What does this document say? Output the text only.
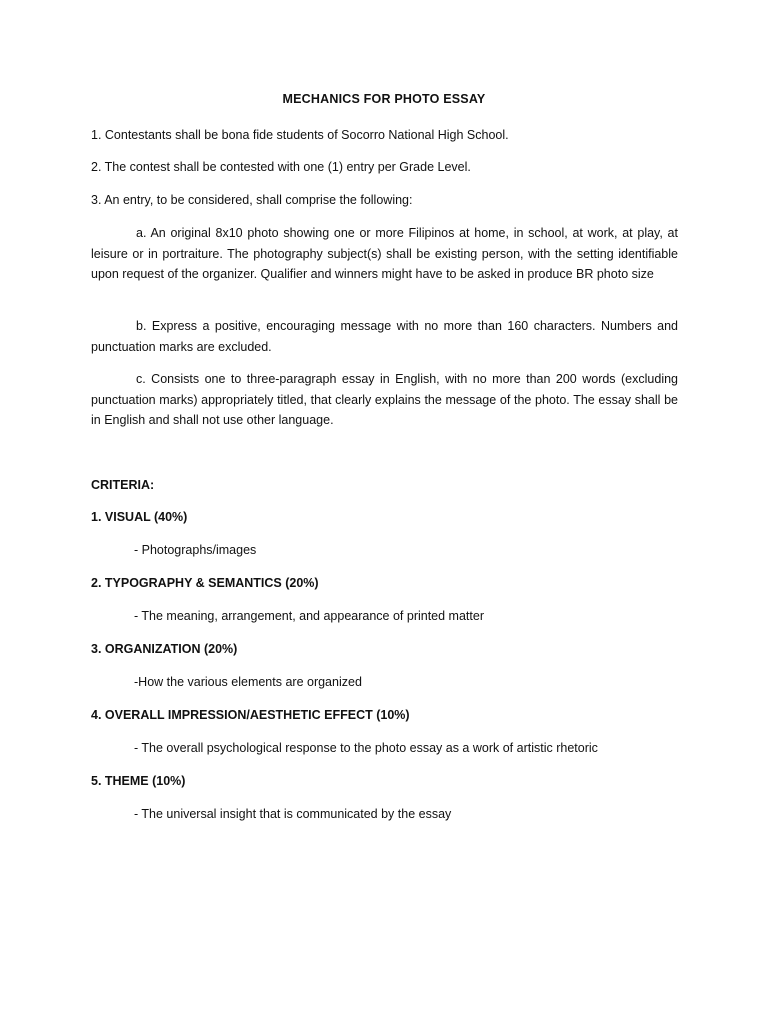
MECHANICS FOR PHOTO ESSAY
1. Contestants shall be bona fide students of Socorro National High School.
2. The contest shall be contested with one (1) entry per Grade Level.
3. An entry, to be considered, shall comprise the following:
a. An original 8x10 photo showing one or more Filipinos at home, in school, at work, at play, at leisure or in portraiture. The photography subject(s) shall be existing person, with the setting identifiable upon request of the organizer. Qualifier and winners might have to be asked in produce BR photo size
b. Express a positive, encouraging message with no more than 160 characters. Numbers and punctuation marks are excluded.
c. Consists one to three-paragraph essay in English, with no more than 200 words (excluding punctuation marks) appropriately titled, that clearly explains the message of the photo. The essay shall be in English and shall not use other language.
CRITERIA:
1. VISUAL (40%)
- Photographs/images
2. TYPOGRAPHY & SEMANTICS (20%)
- The meaning, arrangement, and appearance of printed matter
3. ORGANIZATION (20%)
-How the various elements are organized
4. OVERALL IMPRESSION/AESTHETIC EFFECT (10%)
- The overall psychological response to the photo essay as a work of artistic rhetoric
5. THEME (10%)
- The universal insight that is communicated by the essay
